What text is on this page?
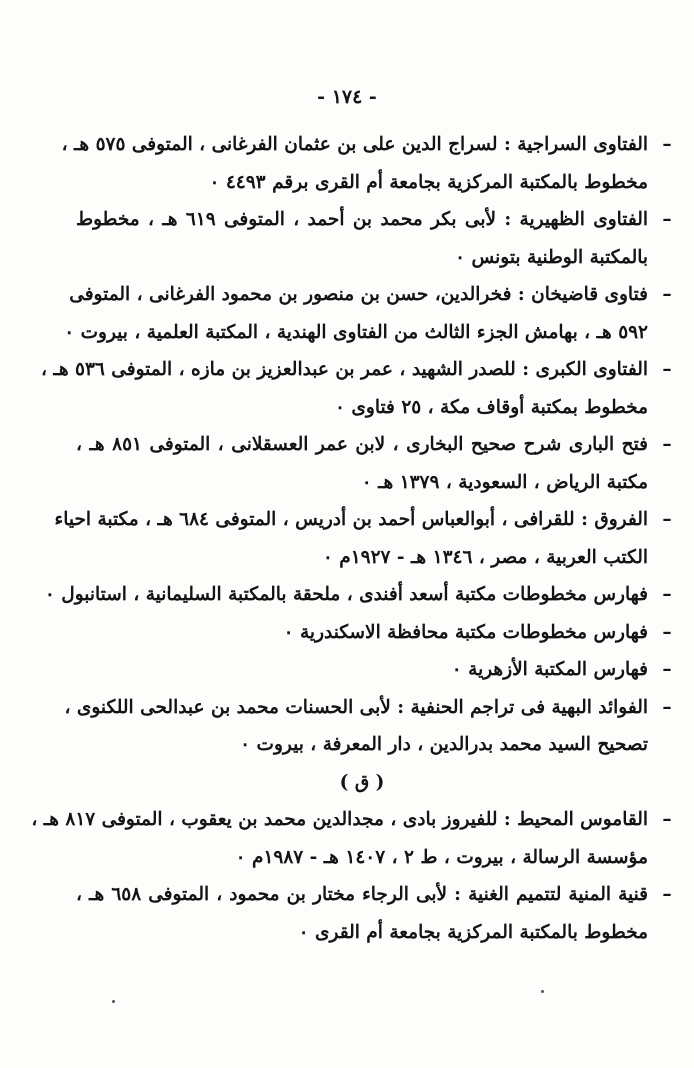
- ١٧٤ -
–
الفتاوى السراجية : لسراج الدين على بن عثمان الفرغانى ، المتوفى ٥٧٥ هـ ،
مخطوط بالمكتبة المركزية بجامعة أم القرى برقم ٤٤٩٣ ٠
–
الفتاوى الظهيرية : لأبى بكر محمد بن أحمد ، المتوفى ٦١٩ هـ ، مخطوط
بالمكتبة الوطنية بتونس ٠
–
فتاوى قاضيخان : فخرالدين، حسن بن منصور بن محمود الفرغانى ، المتوفى
٥٩٢ هـ ، بهامش الجزء الثالث من الفتاوى الهندية ، المكتبة العلمية ، بيروت ٠
–
الفتاوى الكبرى : للصدر الشهيد ، عمر بن عبدالعزيز بن مازه ، المتوفى ٥٣٦ هـ ،
مخطوط بمكتبة أوقاف مكة ، ٢٥ فتاوى ٠
–
فتح البارى شرح صحيح البخارى ، لابن عمر العسقلانى ، المتوفى ٨٥١ هـ ،
مكتبة الرياض ، السعودية ، ١٣٧٩ هـ ٠
–
الفروق : للقرافى ، أبوالعباس أحمد بن أدريس ، المتوفى ٦٨٤ هـ ، مكتبة احياء
الكتب العربية ، مصر ، ١٣٤٦ هـ - ١٩٢٧م ٠
–
فهارس مخطوطات مكتبة أسعد أفندى ، ملحقة بالمكتبة السليمانية ، استانبول ٠
–
فهارس مخطوطات مكتبة محافظة الاسكندرية ٠
–
فهارس المكتبة الأزهرية ٠
–
الفوائد البهية فى تراجم الحنفية : لأبى الحسنات محمد بن عبدالحى اللكنوى ،
تصحيح السيد محمد بدرالدين ، دار المعرفة ، بيروت ٠
( ق )
–
القاموس المحيط : للفيروز بادى ، مجدالدين محمد بن يعقوب ، المتوفى ٨١٧ هـ ،
مؤسسة الرسالة ، بيروت ، ط ٢ ، ١٤٠٧ هـ - ١٩٨٧م ٠
–
قنية المنية لتتميم الغنية : لأبى الرجاء مختار بن محمود ، المتوفى ٦٥٨ هـ ،
مخطوط بالمكتبة المركزية بجامعة أم القرى ٠
